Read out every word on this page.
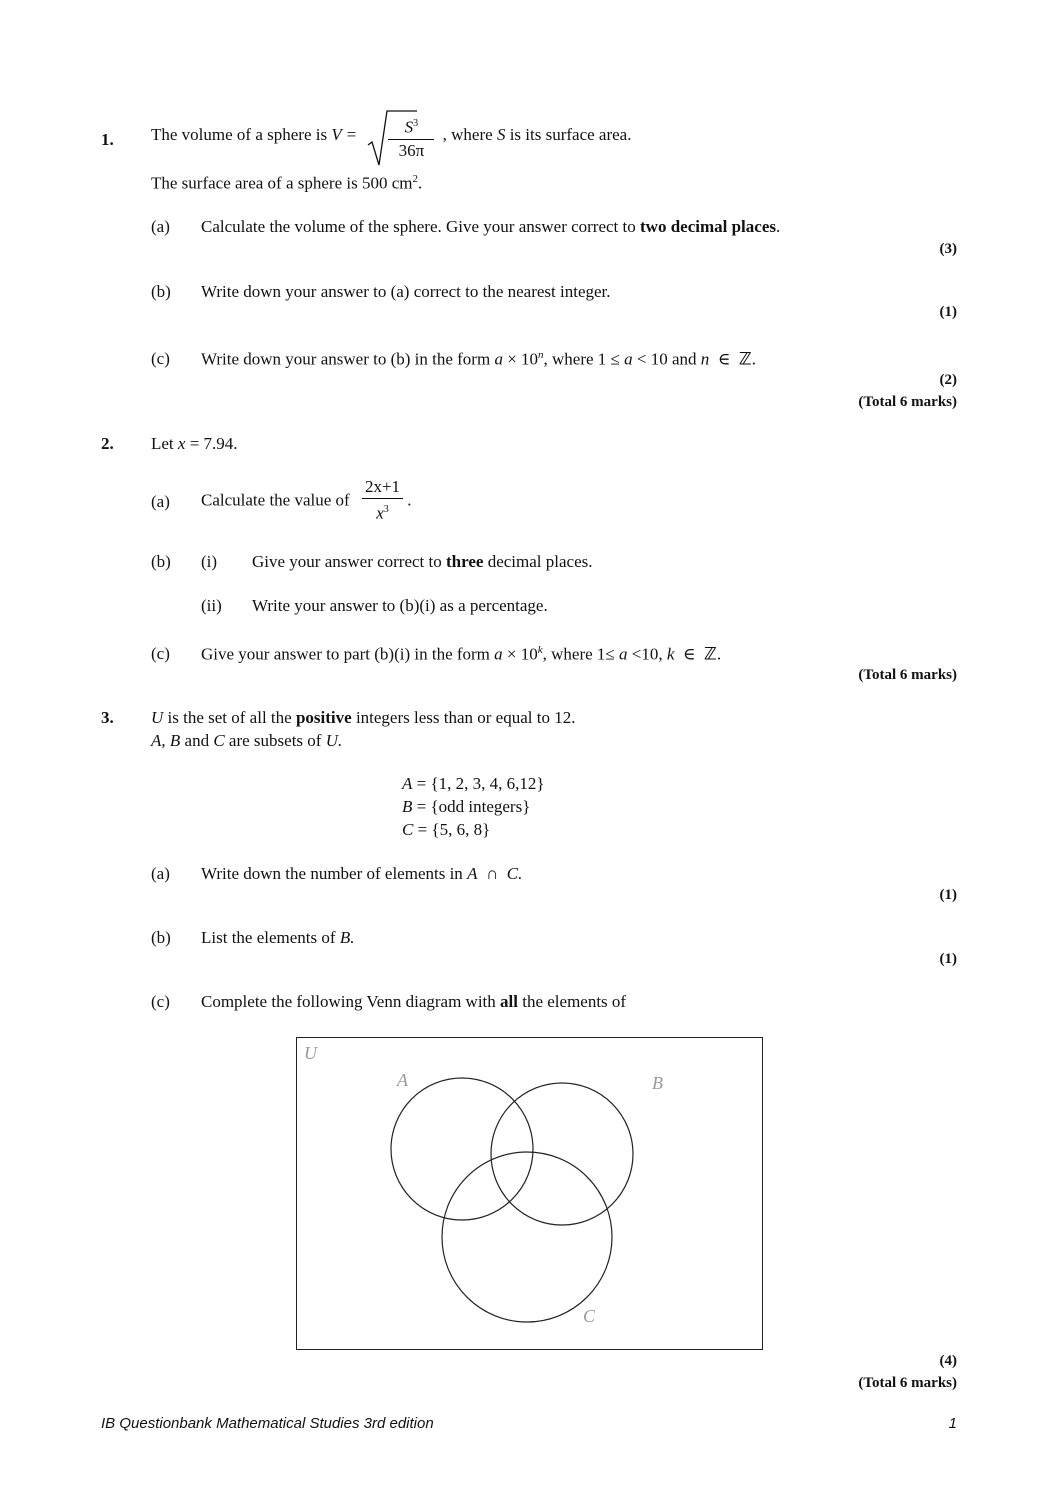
1. The volume of a sphere is $V = \frac{S^3}{36\pi}$ , where S is its surface area.
The surface area of a sphere is 500 $cm^2$.
(a) Calculate the volume of the sphere. Give your answer correct to two decimal places.
(3)
(b) Write down your answer to (a) correct to the nearest integer.
(1)
(c) Write down your answer to (b) in the form $a \times 10^n$, where 1 ≤ a < 10 and n ∈ ℤ.
(2)
(Total 6 marks)
2. Let x = 7.94.
(a) Calculate the value of $\frac{2x+1}{x^3}$ .
(b) (i) Give your answer correct to three decimal places.
(ii) Write your answer to (b)(i) as a percentage.
(c) Give your answer to part (b)(i) in the form $a \times 10^k$, where 1≤ a <10, k ∈ ℤ.
(Total 6 marks)
3. U is the set of all the positive integers less than or equal to 12.
A, B and C are subsets of U.
A = {1, 2, 3, 4, 6,12}
B = {odd integers}
C = {5, 6, 8}
(a) Write down the number of elements in A ∩ C.
(1)
(b) List the elements of B.
(1)
(c) Complete the following Venn diagram with all the elements of
U
A	B
C
(4)
(Total 6 marks)
IB Questionbank Mathematical Studies 3rd edition	1
